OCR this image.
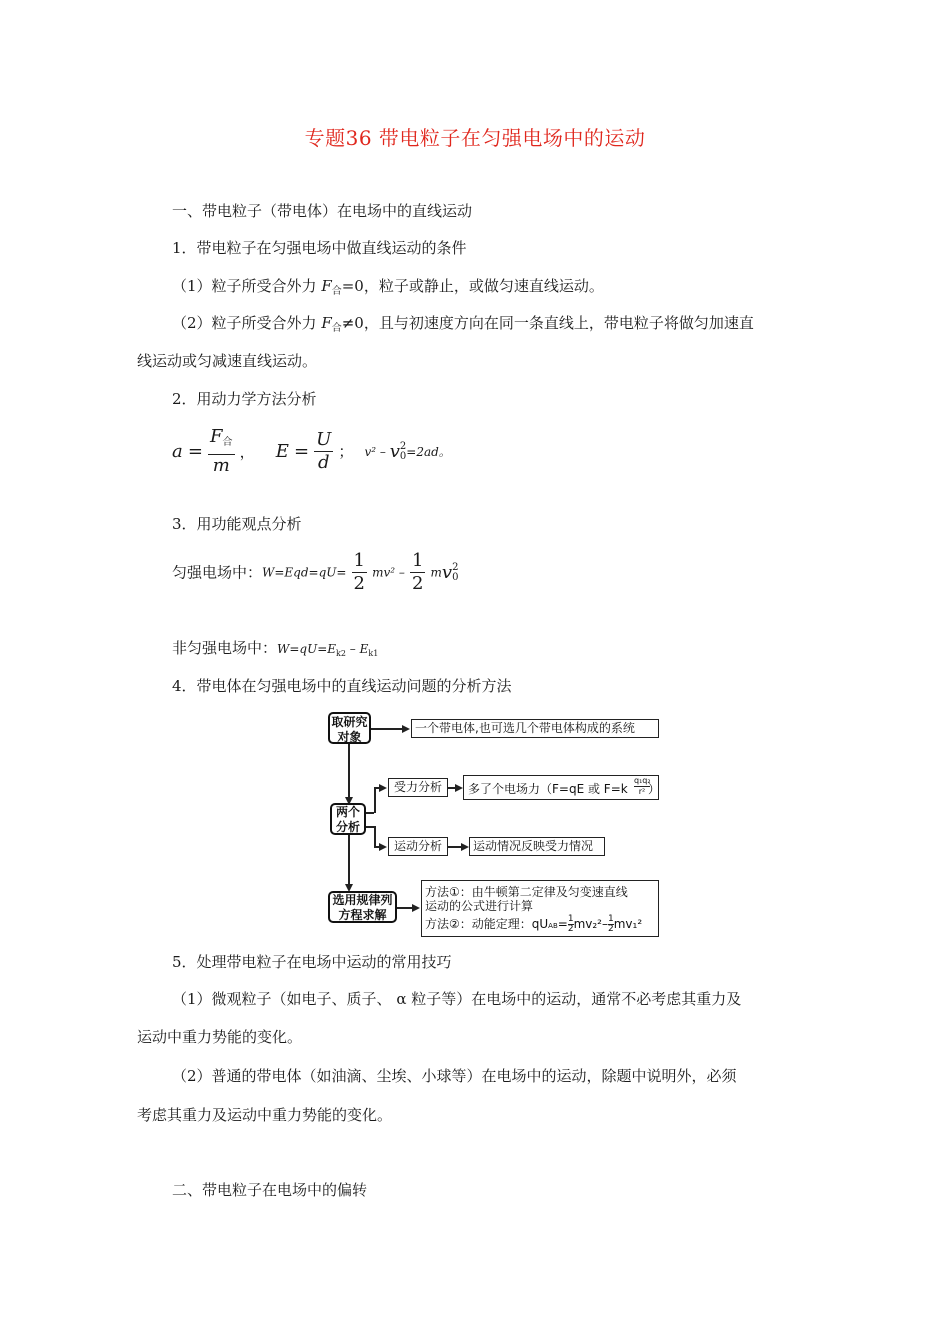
专题36 带电粒子在匀强电场中的运动
一、带电粒子（带电体）在电场中的直线运动
1．带电粒子在匀强电场中做直线运动的条件
（1）粒子所受合外力 $F_合=0$，粒子或静止，或做匀速直线运动。
（2）粒子所受合外力 $F_合\ne 0$，且与初速度方向在同一条直线上，带电粒子将做匀加速直
线运动或匀减速直线运动。
2．用动力学方法分析
$a = \frac{F_合}{m}$ ， $E = \frac{U}{d}$ ； v² – v 2
0 =2ad。
3．用功能观点分析
匀强电场中：$W=Eqd=qU= \frac{1}{2} mv^2 - \frac{1}{2}$ mv 2
0
非匀强电场中：$W=qU=E_{k2} - E_{k1}$
4．带电体在匀强电场中的直线运动问题的分析方法
取研究对象
一个带电体,也可选几个带电体构成的系统
两个分析
受力分析	多了个电场力（F=qE 或 $F=k \frac{\text{q₁q₂}}{\text{r²}}$
）
运动分析	运动情况反映受力情况
选用规律列方程求解
方法①：由牛顿第二定律及匀变速直线
运动的公式进行计算
方法②：动能定理：qUAB= $\frac{1}{2} mv_2^2- \frac{1}{2} mv_1^2$
5．处理带电粒子在电场中运动的常用技巧
（1）微观粒子（如电子、质子、 α 粒子等）在电场中的运动，通常不必考虑其重力及
运动中重力势能的变化。
（2）普通的带电体（如油滴、尘埃、小球等）在电场中的运动，除题中说明外，必须
考虑其重力及运动中重力势能的变化。
二、带电粒子在电场中的偏转
